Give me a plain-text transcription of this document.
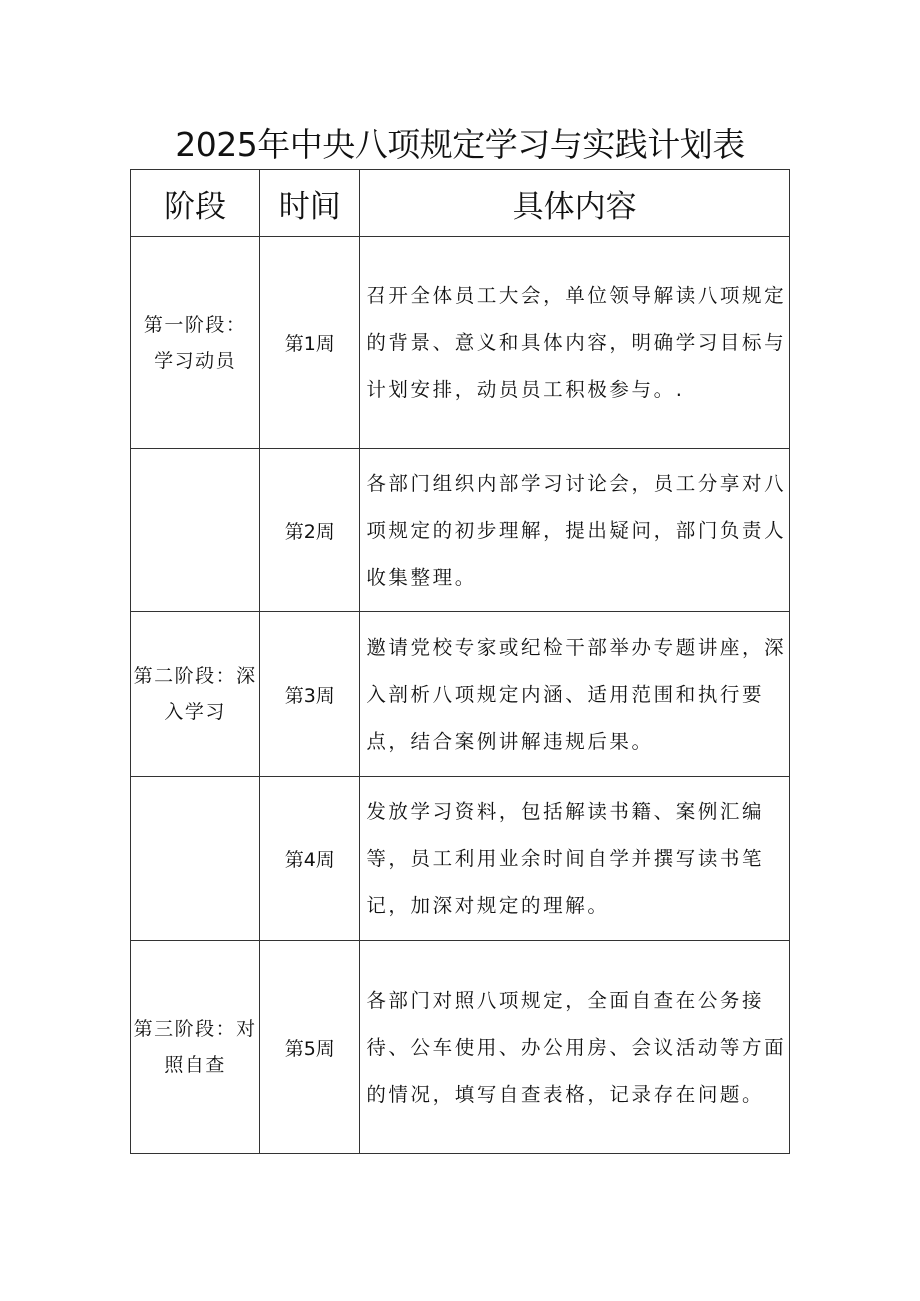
2025年中央八项规定学习与实践计划表
阶段	时间	具体内容
第一阶段： 学习动员	第1周	召开全体员工大会，单位领导解读八项规定的背景、意义和具体内容，明确学习目标与计划安排，动员员工积极参与。.
	第2周	各部门组织内部学习讨论会，员工分享对八项规定的初步理解，提出疑问，部门负责人收集整理。
第二阶段：深 入学习	第3周	邀请党校专家或纪检干部举办专题讲座，深入剖析八项规定内涵、适用范围和执行要点，结合案例讲解违规后果。
	第4周	发放学习资料，包括解读书籍、案例汇编等，员工利用业余时间自学并撰写读书笔记，加深对规定的理解。
第三阶段：对 照自查	第5周	各部门对照八项规定，全面自查在公务接待、公车使用、办公用房、会议活动等方面的情况，填写自查表格，记录存在问题。
